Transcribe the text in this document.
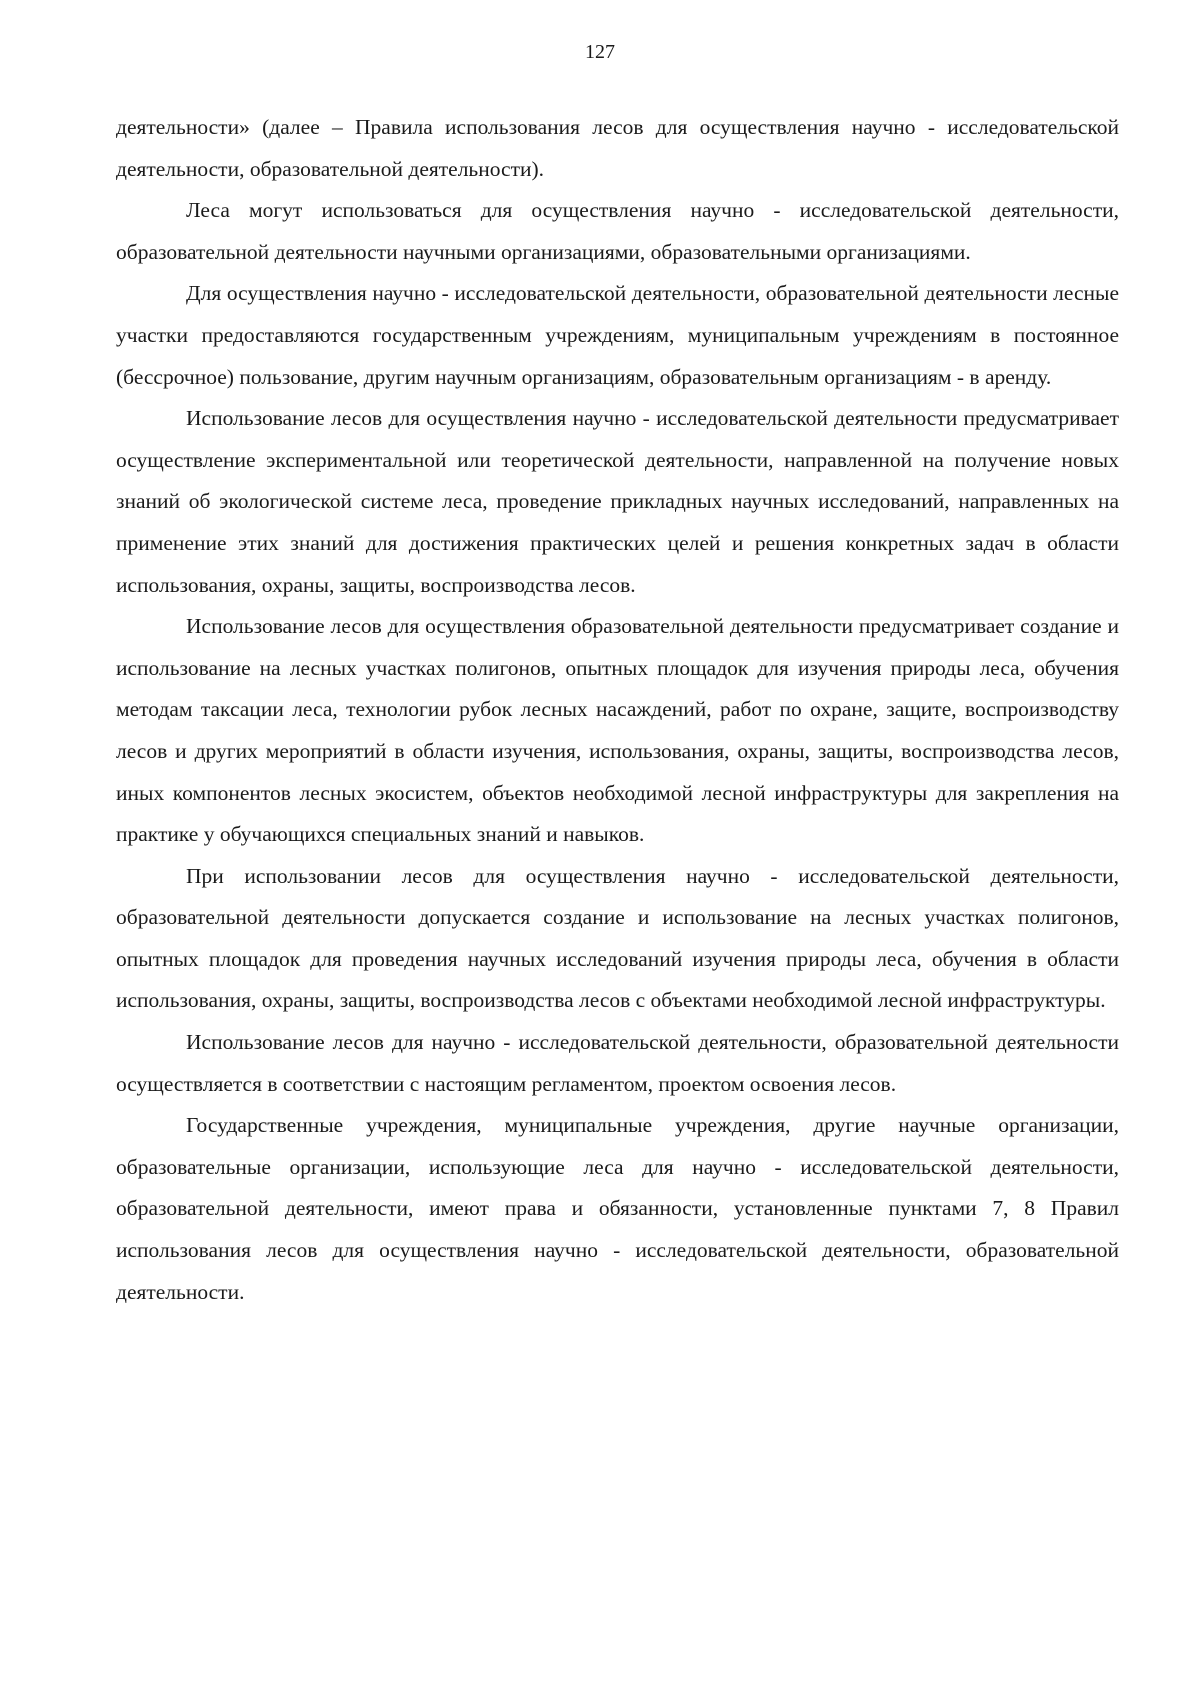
127

деятельности» (далее – Правила использования лесов для осуществления научно - исследовательской деятельности, образовательной деятельности).

Леса могут использоваться для осуществления научно - исследовательской деятельности, образовательной деятельности научными организациями, образовательными организациями.

Для осуществления научно - исследовательской деятельности, образовательной деятельности лесные участки предоставляются государственным учреждениям, муниципальным учреждениям в постоянное (бессрочное) пользование, другим научным организациям, образовательным организациям - в аренду.

Использование лесов для осуществления научно - исследовательской деятельности предусматривает осуществление экспериментальной или теоретической деятельности, направленной на получение новых знаний об экологической системе леса, проведение прикладных научных исследований, направленных на применение этих знаний для достижения практических целей и решения конкретных задач в области использования, охраны, защиты, воспроизводства лесов.

Использование лесов для осуществления образовательной деятельности предусматривает создание и использование на лесных участках полигонов, опытных площадок для изучения природы леса, обучения методам таксации леса, технологии рубок лесных насаждений, работ по охране, защите, воспроизводству лесов и других мероприятий в области изучения, использования, охраны, защиты, воспроизводства лесов, иных компонентов лесных экосистем, объектов необходимой лесной инфраструктуры для закрепления на практике у обучающихся специальных знаний и навыков.

При использовании лесов для осуществления научно - исследовательской деятельности, образовательной деятельности допускается создание и использование на лесных участках полигонов, опытных площадок для проведения научных исследований изучения природы леса, обучения в области использования, охраны, защиты, воспроизводства лесов с объектами необходимой лесной инфраструктуры.

Использование лесов для научно - исследовательской деятельности, образовательной деятельности осуществляется в соответствии с настоящим регламентом, проектом освоения лесов.

Государственные учреждения, муниципальные учреждения, другие научные организации, образовательные организации, использующие леса для научно - исследовательской деятельности, образовательной деятельности, имеют права и обязанности, установленные пунктами 7, 8 Правил использования лесов для осуществления научно - исследовательской деятельности, образовательной деятельности.
